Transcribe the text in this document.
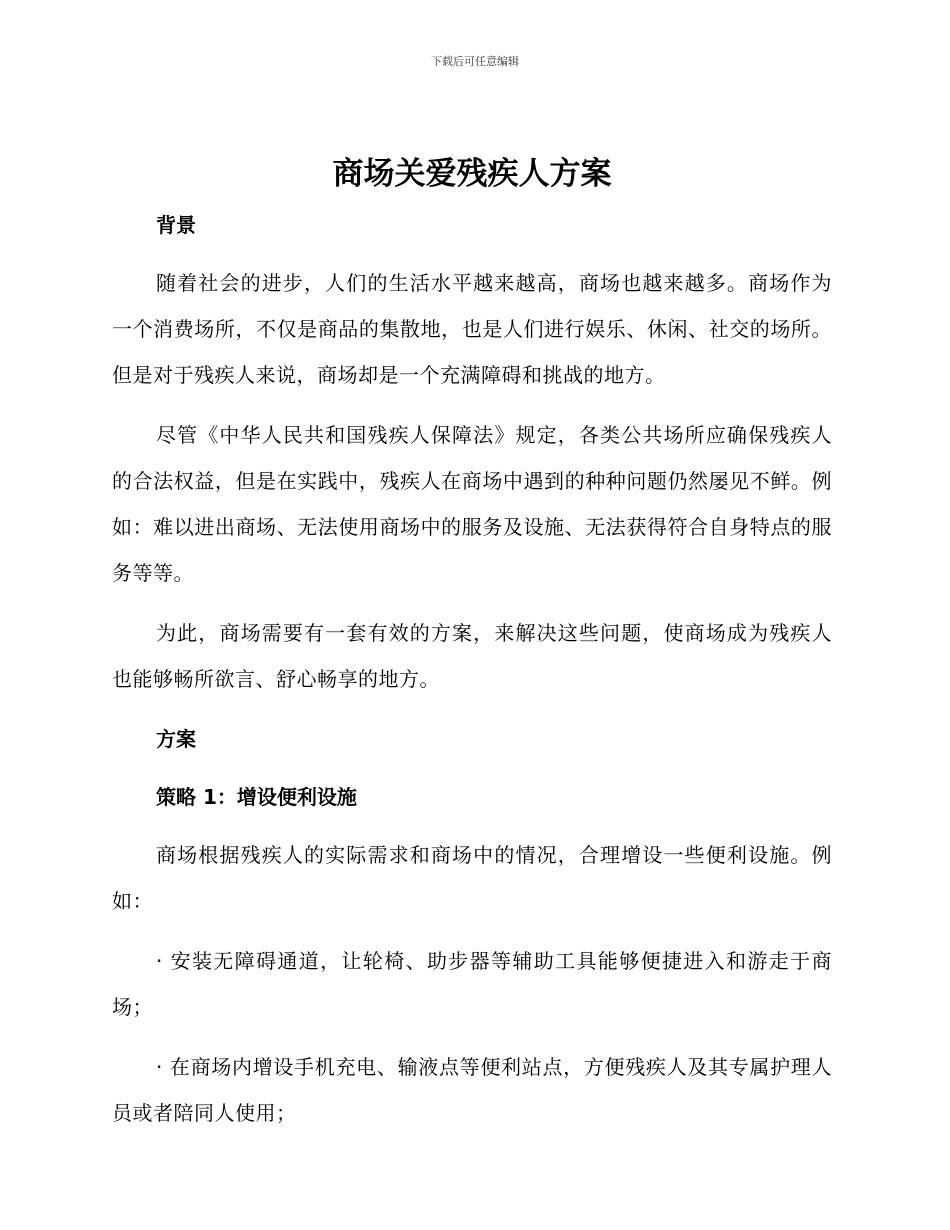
下载后可任意编辑
商场关爱残疾人方案
背景

随着社会的进步，人们的生活水平越来越高，商场也越来越多。商场作为一个消费场所，不仅是商品的集散地，也是人们进行娱乐、休闲、社交的场所。但是对于残疾人来说，商场却是一个充满障碍和挑战的地方。

尽管《中华人民共和国残疾人保障法》规定，各类公共场所应确保残疾人的合法权益，但是在实践中，残疾人在商场中遇到的种种问题仍然屡见不鲜。例如：难以进出商场、无法使用商场中的服务及设施、无法获得符合自身特点的服务等等。

为此，商场需要有一套有效的方案，来解决这些问题，使商场成为残疾人也能够畅所欲言、舒心畅享的地方。

方案
策略 1：增设便利设施

商场根据残疾人的实际需求和商场中的情况，合理增设一些便利设施。例如：

· 安装无障碍通道，让轮椅、助步器等辅助工具能够便捷进入和游走于商场；

· 在商场内增设手机充电、输液点等便利站点，方便残疾人及其专属护理人员或者陪同人使用；
